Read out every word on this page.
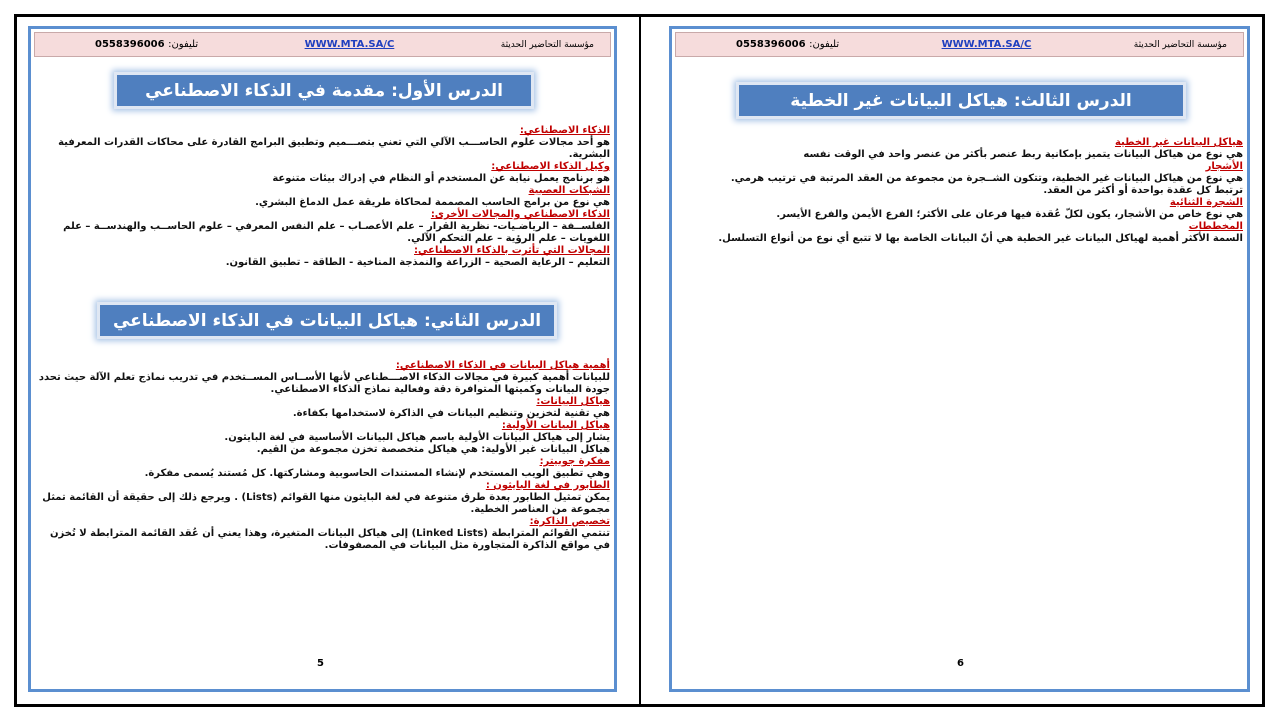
تليفون: 0558396006	WWW.MTA.SA/C	مؤسسة التحاضير الحديثة
الدرس الأول: مقدمة في الذكاء الاصطناعي
الذكاء الاصطناعي:
هو أحد مجالات علوم الحاســـب الآلي التي تعني بتصـــميم وتطبيق البرامج القادرة على محاكات القدرات المعرفية البشرية.
وكيل الذكاء الاصطناعي:
هو برنامج يعمل نيابة عن المستخدم أو النظام في إدراك بيئات متنوعة
الشبكات العصبية
هي نوع من برامج الحاسب المصممة لمحاكاة طريقة عمل الدماغ البشري.
الذكاء الاصطناعي والمجالات الأخرى:
الفلســفة – الرياضـيات- نظرية القرار – علم الأعصـاب – علم النفس المعرفي – علوم الحاســب والهندســة – علم اللغويات – علم الرؤية – علم التحكم الآلي.
المجالات التي تأثرت بالذكاء الاصطناعي:
التعليم – الرعاية الصحية – الزراعة والنمذجة المناخية - الطاقة – تطبيق القانون.
الدرس الثاني: هياكل البيانات في الذكاء الاصطناعي
أهمية هياكل البيانات في الذكاء الاصطناعي:
للبيانات أهمية كبيرة في مجالات الذكاء الاصـــطناعي لأنها الأســاس المســتخدم في تدريب نماذج تعلم الآلة حيث تحدد جودة البيانات وكميتها المتوافرة دقة وفعالية نماذج الذكاء الاصطناعي.
هياكل البيانات:
هي تقنية لتخزين وتنظيم البيانات في الذاكرة لاستخدامها بكفاءة.
هياكل البيانات الأولية:
يشار إلى هياكل البيانات الأولية باسم هياكل البيانات الأساسية في لغة البايثون.
هياكل البيانات غير الأولية: هي هياكل متخصصة تخزن مجموعة من القيم.
مفكرة جوبيتر:
وهي تطبيق الويب المستخدم لإنشاء المستندات الحاسوبية ومشاركتها. كل مُستند يُسمى مفكرة.
الطابور في لغة البايثون :
يمكن تمثيل الطابور بعدة طرق متنوعة في لغة البايثون منها القوائم (Lists) . ويرجع ذلك إلى حقيقة أن القائمة تمثل مجموعة من العناصر الخطية.
تخصيص الذاكرة:
تنتمي القوائم المترابطة (Linked Lists) إلى هياكل البيانات المتغيرة، وهذا يعني أن عُقد القائمة المترابطة لا تُخزن في مواقع الذاكرة المتجاورة مثل البيانات في المصفوفات.
5
تليفون: 0558396006	WWW.MTA.SA/C	مؤسسة التحاضير الحديثة
الدرس الثالث: هياكل البيانات غير الخطية
هياكل البيانات غير الخطية
هي نوع من هياكل البيانات يتميز بإمكانية ربط عنصر بأكثر من عنصر واحد في الوقت نفسه
الأشجار
هي نوع من هياكل البيانات غير الخطية، وتتكون الشــجرة من مجموعة من العقد المرتبة في ترتيب هرمي. ترتبط كل عقدة بواحدة أو أكثر من العقد.
الشجرة الثنائية
هي نوع خاص من الأشجار، يكون لكلّ عُقدة فيها فرعان على الأكثر؛ الفرع الأيمن والفرع الأيسر.
المخططات
السمة الأكثر أهمية لهياكل البيانات غير الخطية هي أنّ البيانات الخاصة بها لا تتبع أي نوع من أنواع التسلسل.
6
